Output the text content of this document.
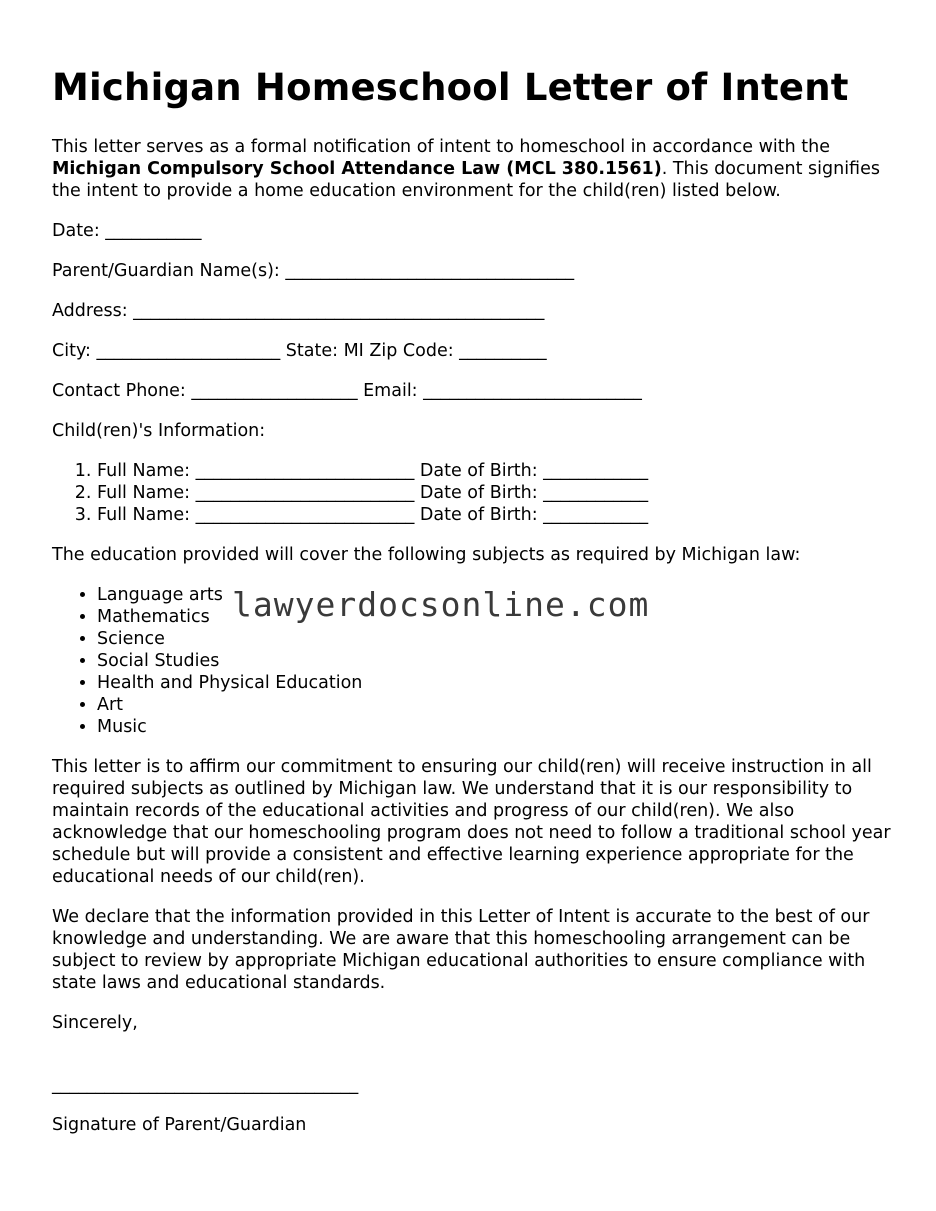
Michigan Homeschool Letter of Intent

This letter serves as a formal notification of intent to homeschool in accordance with the Michigan Compulsory School Attendance Law (MCL 380.1561). This document signifies the intent to provide a home education environment for the child(ren) listed below.

Date: ___________

Parent/Guardian Name(s): _________________________________

Address: _______________________________________________

City: _____________________ State: MI Zip Code: __________

Contact Phone: ___________________ Email: _________________________

Child(ren)'s Information:

1. Full Name: _________________________ Date of Birth: ____________
2. Full Name: _________________________ Date of Birth: ____________
3. Full Name: _________________________ Date of Birth: ____________

The education provided will cover the following subjects as required by Michigan law:

• Language arts
• Mathematics
• Science
• Social Studies
• Health and Physical Education
• Art
• Music

This letter is to affirm our commitment to ensuring our child(ren) will receive instruction in all required subjects as outlined by Michigan law. We understand that it is our responsibility to maintain records of the educational activities and progress of our child(ren). We also acknowledge that our homeschooling program does not need to follow a traditional school year schedule but will provide a consistent and effective learning experience appropriate for the educational needs of our child(ren).

We declare that the information provided in this Letter of Intent is accurate to the best of our knowledge and understanding. We are aware that this homeschooling arrangement can be subject to review by appropriate Michigan educational authorities to ensure compliance with state laws and educational standards.

Sincerely,

___________________________________

Signature of Parent/Guardian

lawyerdocsonline.com
